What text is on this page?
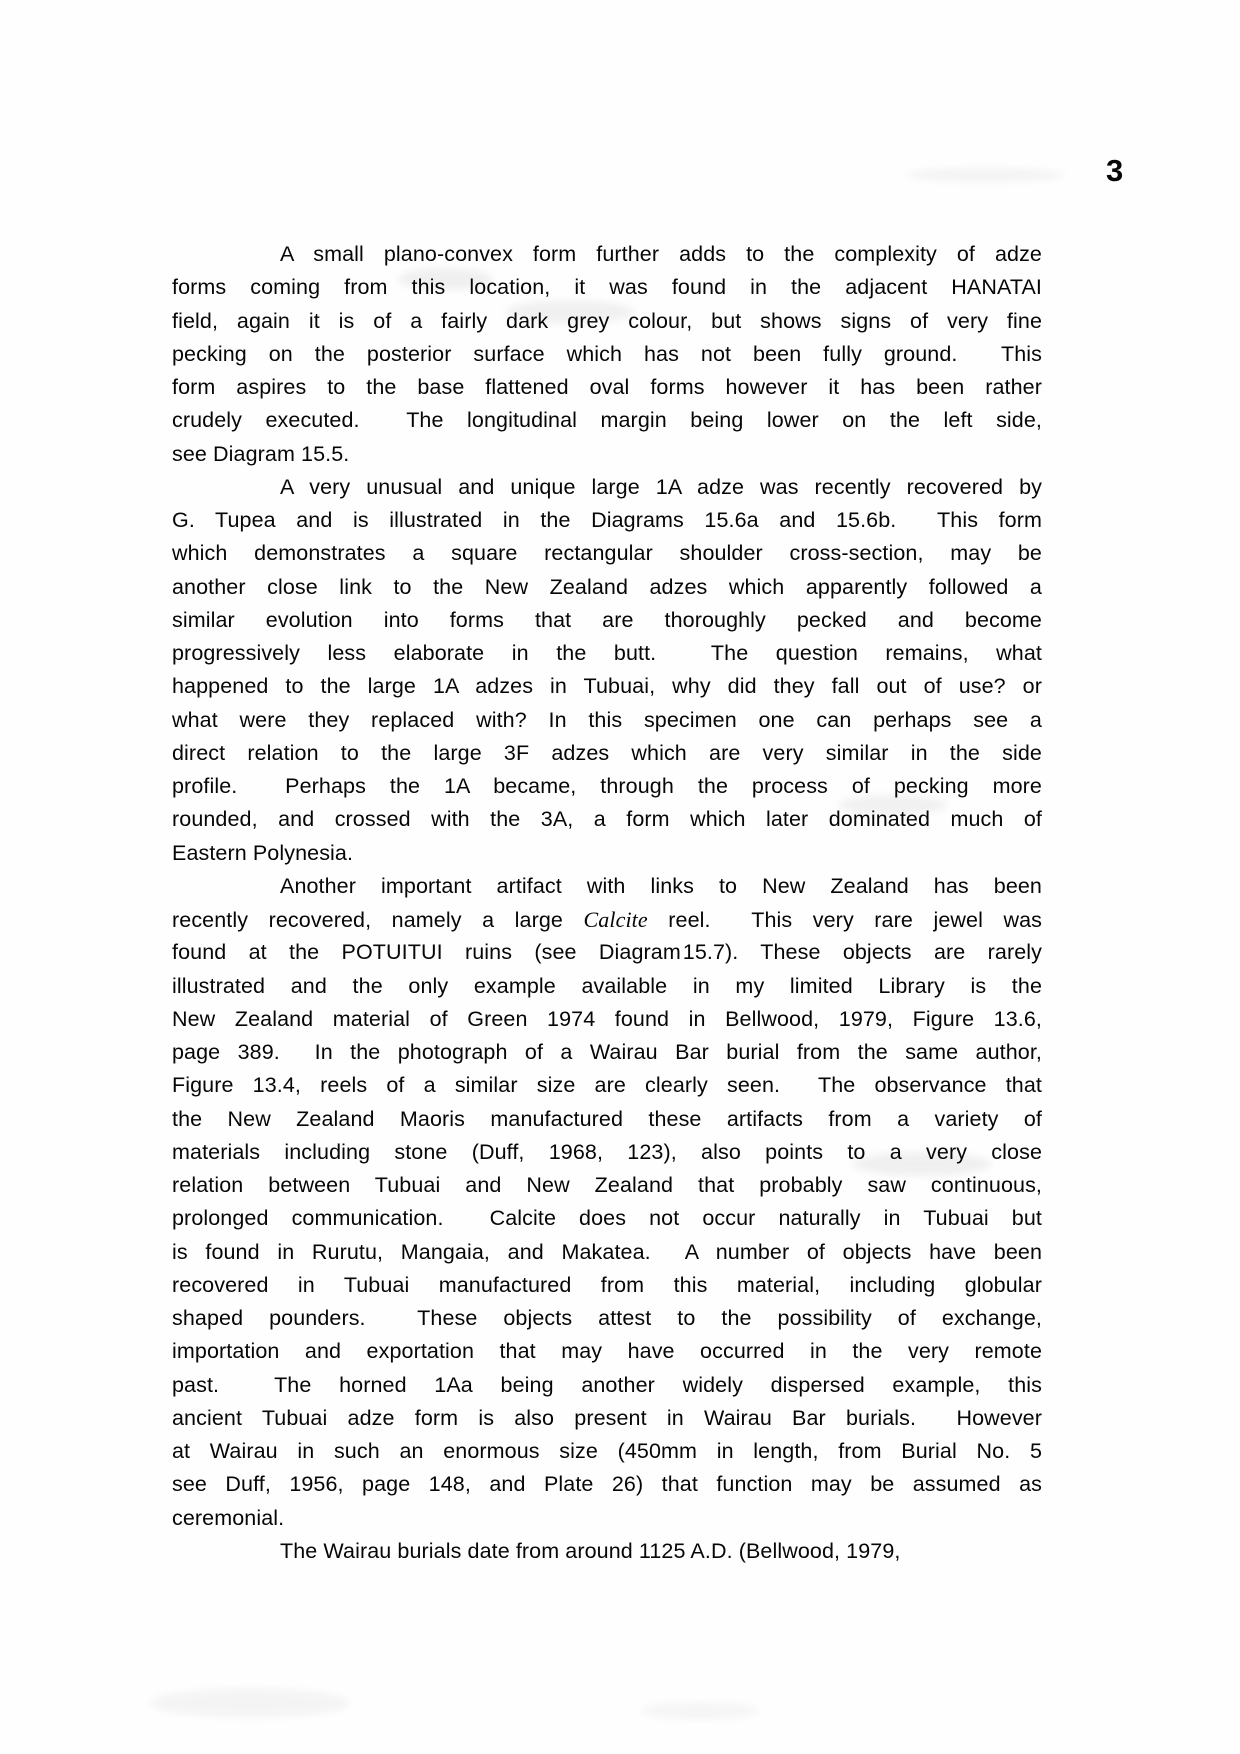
3

A small plano-convex form further adds to the complexity of adze
forms coming from this location, it was found in the adjacent HANATAI
field, again it is of a fairly dark grey colour, but shows signs of very fine
pecking on the posterior surface which has not been fully ground.  This
form aspires to the base flattened oval forms however it has been rather
crudely executed.  The longitudinal margin being lower on the left side,
see Diagram 15.5.

A very unusual and unique large 1A adze was recently recovered by
G. Tupea and is illustrated in the Diagrams 15.6a and 15.6b.  This form
which demonstrates a square rectangular shoulder cross-section, may be
another close link to the New Zealand adzes which apparently followed a
similar evolution into forms that are thoroughly pecked and become
progressively less elaborate in the butt.  The question remains, what
happened to the large 1A adzes in Tubuai, why did they fall out of use? or
what were they replaced with? In this specimen one can perhaps see a
direct relation to the large 3F adzes which are very similar in the side
profile.  Perhaps the 1A became, through the process of pecking more
rounded, and crossed with the 3A, a form which later dominated much of
Eastern Polynesia.

Another important artifact with links to New Zealand has been
recently recovered, namely a large Calcite reel.  This very rare jewel was
found at the POTUITUI ruins (see Diagram 15.7). These objects are rarely
illustrated and the only example available in my limited Library is the
New Zealand material of Green 1974 found in Bellwood, 1979, Figure 13.6,
page 389.  In the photograph of a Wairau Bar burial from the same author,
Figure 13.4, reels of a similar size are clearly seen.  The observance that
the New Zealand Maoris manufactured these artifacts from a variety of
materials including stone (Duff, 1968, 123), also points to a very close
relation between Tubuai and New Zealand that probably saw continuous,
prolonged communication.  Calcite does not occur naturally in Tubuai but
is found in Rurutu, Mangaia, and Makatea.  A number of objects have been
recovered in Tubuai manufactured from this material, including globular
shaped pounders.  These objects attest to the possibility of exchange,
importation and exportation that may have occurred in the very remote
past.  The horned 1Aa being another widely dispersed example, this
ancient Tubuai adze form is also present in Wairau Bar burials.  However
at Wairau in such an enormous size (450mm in length, from Burial No. 5
see Duff, 1956, page 148, and Plate 26) that function may be assumed as
ceremonial.

The Wairau burials date from around 1125 A.D. (Bellwood, 1979,
